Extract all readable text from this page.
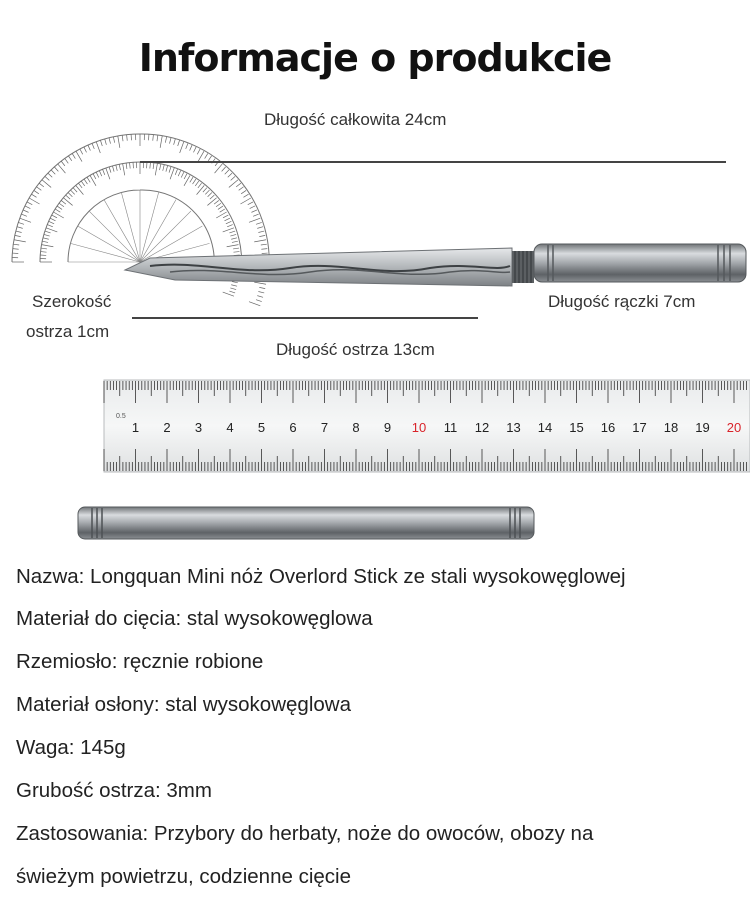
0.5
1 2 3 4 5 6 7 8 9 10 11 12 13 14 15 16 17 18 19 20
Informacje o produkcie
Długość całkowita 24cm
Szerokość
ostrza 1cm
Długość rączki 7cm
Długość ostrza 13cm
Nazwa: Longquan Mini nóż Overlord Stick ze stali wysokowęglowej
Materiał do cięcia: stal wysokowęglowa
Rzemiosło: ręcznie robione
Materiał osłony: stal wysokowęglowa
Waga: 145g
Grubość ostrza: 3mm
Zastosowania: Przybory do herbaty, noże do owoców, obozy na
świeżym powietrzu, codzienne cięcie
